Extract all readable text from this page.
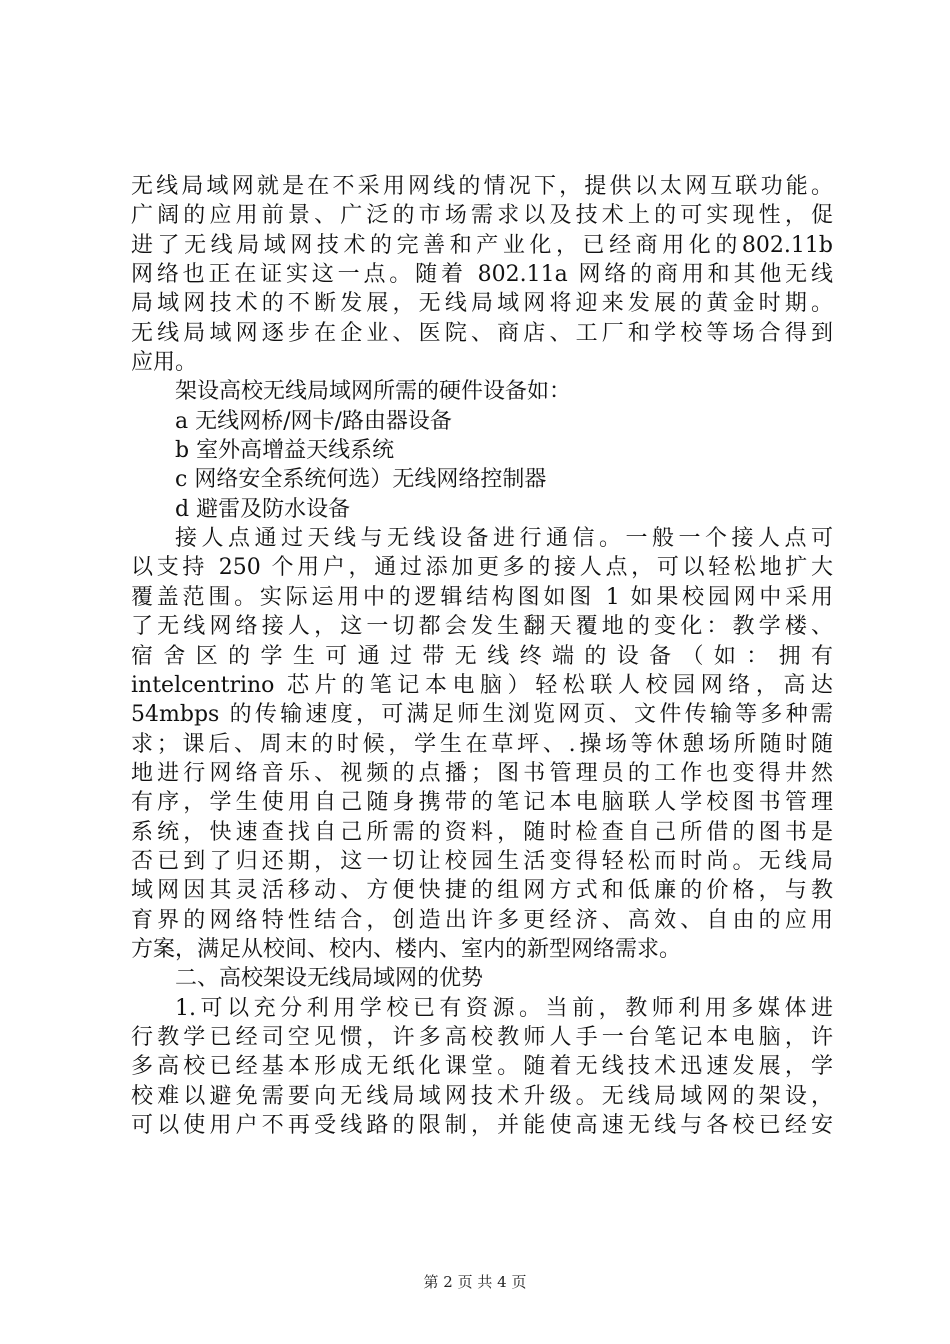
无线局域网就是在不采用网线的情况下，提供以太网互联功能。
广阔的应用前景、广泛的市场需求以及技术上的可实现性，促
进了无线局域网技术的完善和产业化，已经商用化的802.11b
网络也正在证实这一点。随着 802.11a 网络的商用和其他无线
局域网技术的不断发展，无线局域网将迎来发展的黄金时期。
无线局域网逐步在企业、医院、商店、工厂和学校等场合得到
应用。
架设高校无线局域网所需的硬件设备如：
a 无线网桥/网卡/路由器设备
b 室外高增益天线系统
c 网络安全系统何选）无线网络控制器
d 避雷及防水设备
接人点通过天线与无线设备进行通信。一般一个接人点可
以支持 250 个用户，通过添加更多的接人点，可以轻松地扩大
覆盖范围。实际运用中的逻辑结构图如图 1 如果校园网中采用
了无线网络接人，这一切都会发生翻天覆地的变化：教学楼、
宿 舍 区 的 学 生 可 通 过 带 无 线 终 端 的 设 备 （ 如 ： 拥 有
intelcentrino 芯片的笔记本电脑）轻松联人校园网络，高达
54mbps 的传输速度，可满足师生浏览网页、文件传输等多种需
求；课后、周末的时候，学生在草坪、.操场等休憩场所随时随
地进行网络音乐、视频的点播；图书管理员的工作也变得井然
有序，学生使用自己随身携带的笔记本电脑联人学校图书管理
系统，快速查找自己所需的资料，随时检查自己所借的图书是
否已到了归还期，这一切让校园生活变得轻松而时尚。无线局
域网因其灵活移动、方便快捷的组网方式和低廉的价格，与教
育界的网络特性结合，创造出许多更经济、高效、自由的应用
方案，满足从校间、校内、楼内、室内的新型网络需求。
二、高校架设无线局域网的优势
1.可以充分利用学校已有资源。当前，教师利用多媒体进
行教学已经司空见惯，许多高校教师人手一台笔记本电脑，许
多高校已经基本形成无纸化课堂。随着无线技术迅速发展，学
校难以避免需要向无线局域网技术升级。无线局域网的架设，
可以使用户不再受线路的限制，并能使高速无线与各校已经安
第 2 页 共 4 页
